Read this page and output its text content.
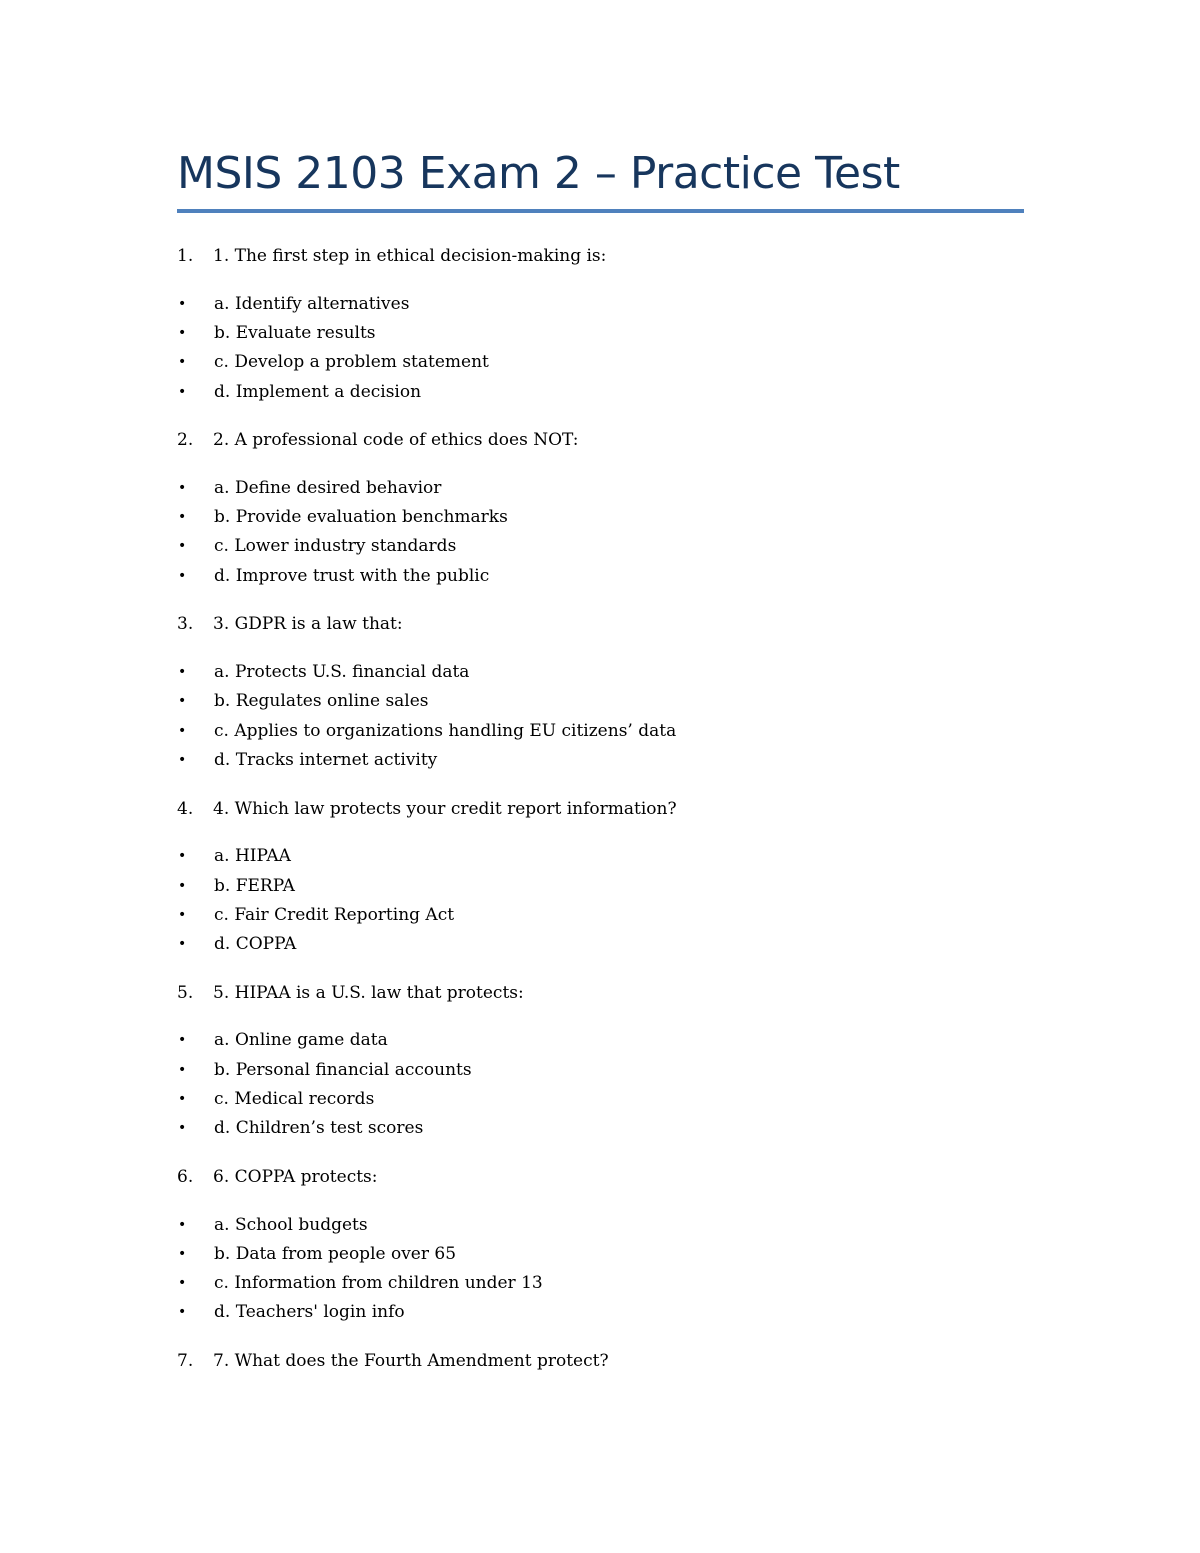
MSIS 2103 Exam 2 – Practice Test
1.	1. The first step in ethical decision-making is:
•	a. Identify alternatives
•	b. Evaluate results
•	c. Develop a problem statement
•	d. Implement a decision
2.	2. A professional code of ethics does NOT:
•	a. Define desired behavior
•	b. Provide evaluation benchmarks
•	c. Lower industry standards
•	d. Improve trust with the public
3.	3. GDPR is a law that:
•	a. Protects U.S. financial data
•	b. Regulates online sales
•	c. Applies to organizations handling EU citizens’ data
•	d. Tracks internet activity
4.	4. Which law protects your credit report information?
•	a. HIPAA
•	b. FERPA
•	c. Fair Credit Reporting Act
•	d. COPPA
5.	5. HIPAA is a U.S. law that protects:
•	a. Online game data
•	b. Personal financial accounts
•	c. Medical records
•	d. Children’s test scores
6.	6. COPPA protects:
•	a. School budgets
•	b. Data from people over 65
•	c. Information from children under 13
•	d. Teachers' login info
7.	7. What does the Fourth Amendment protect?
